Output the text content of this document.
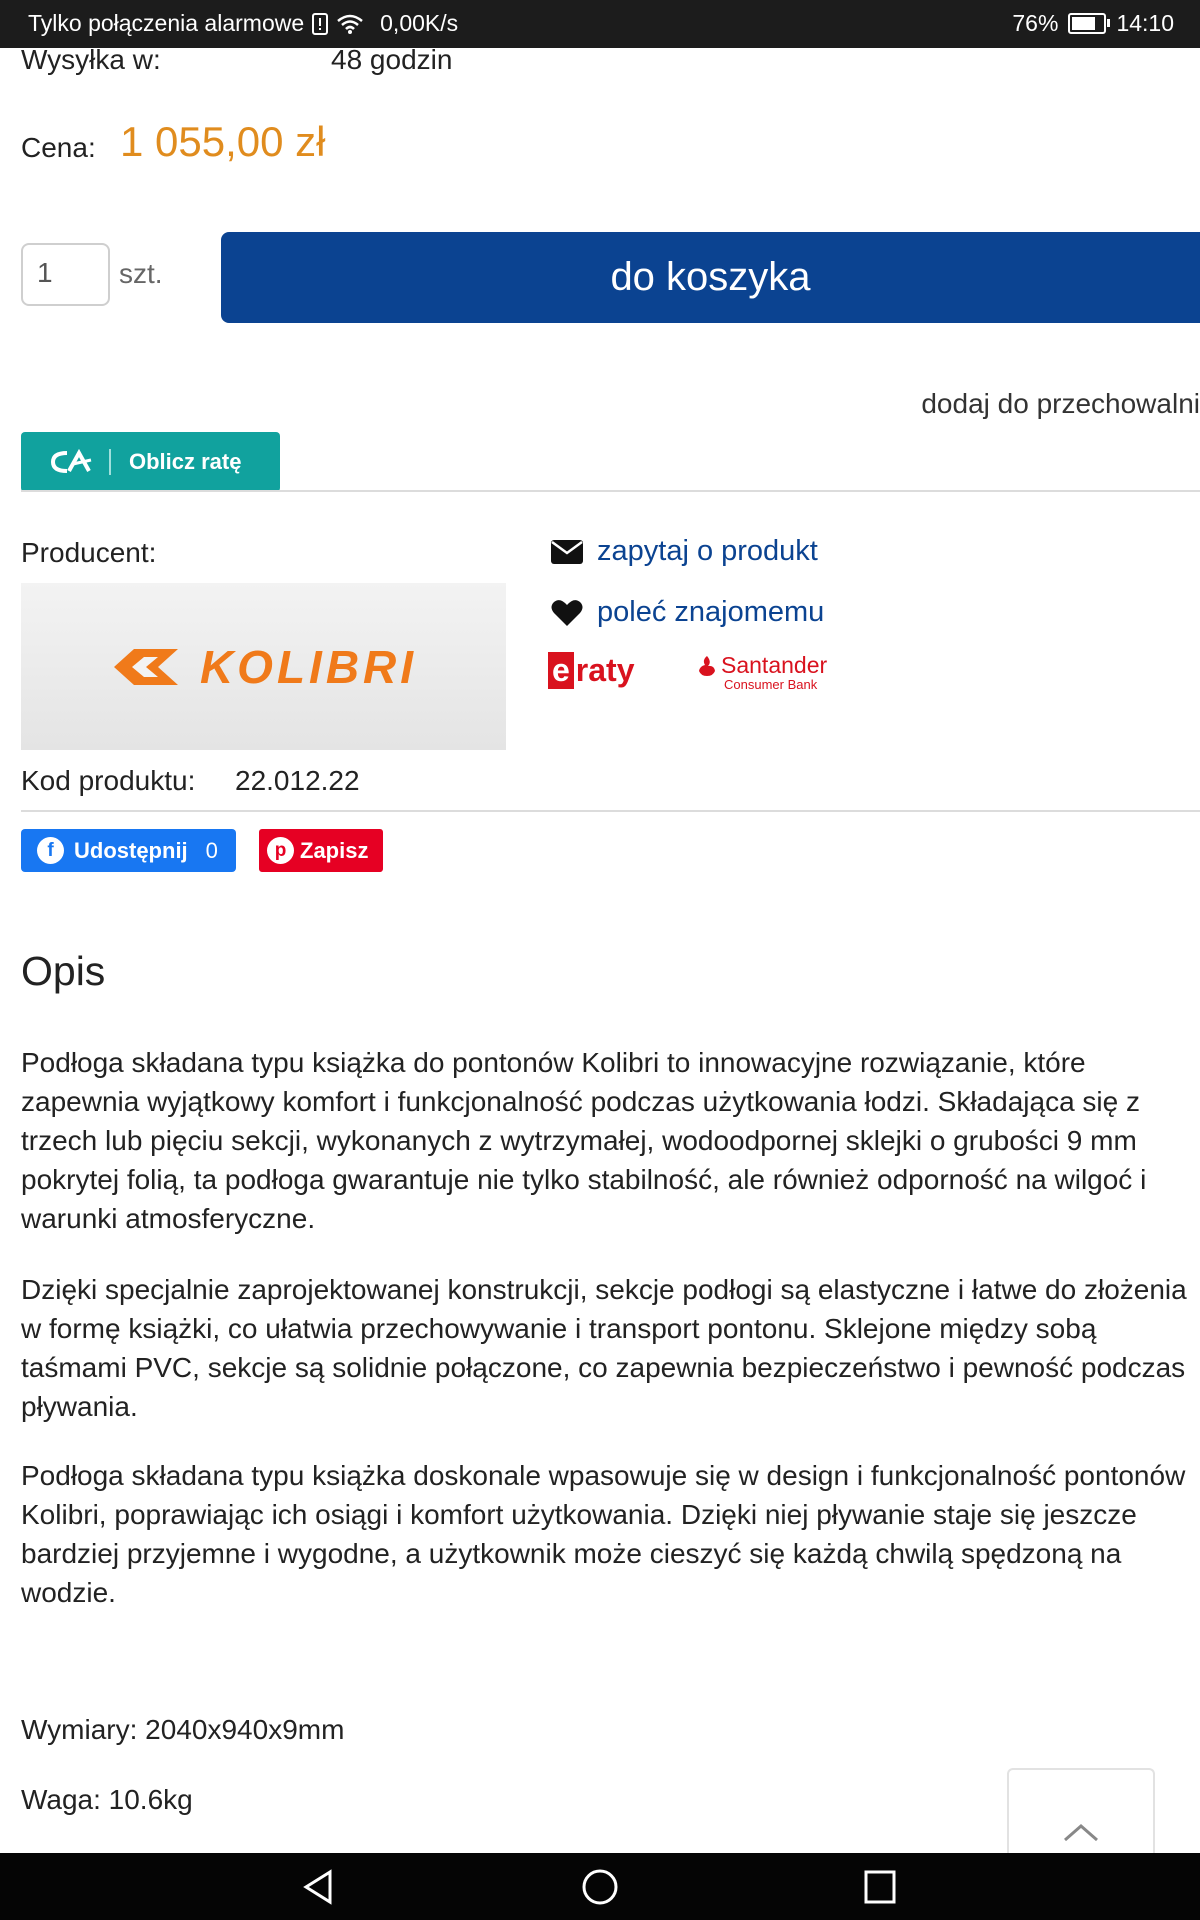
Tylko połączenia alarmowe	0,00K/s	76%	14:10
Wysyłka w:	48 godzin
Cena: 1 055,00 zł
1	szt.	do koszyka
dodaj do przechowalni
Oblicz ratę
Producent:
KOLIBRI
zapytaj o produkt
poleć znajomemu
e raty	Santander
Consumer Bank
Kod produktu: 22.012.22
f Udostępnij 0	p Zapisz
Opis
Podłoga składana typu książka do pontonów Kolibri to innowacyjne rozwiązanie, które zapewnia wyjątkowy komfort i funkcjonalność podczas użytkowania łodzi. Składająca się z trzech lub pięciu sekcji, wykonanych z wytrzymałej, wodoodpornej sklejki o grubości 9 mm pokrytej folią, ta podłoga gwarantuje nie tylko stabilność, ale również odporność na wilgoć i warunki atmosferyczne.
Dzięki specjalnie zaprojektowanej konstrukcji, sekcje podłogi są elastyczne i łatwe do złożenia w formę książki, co ułatwia przechowywanie i transport pontonu. Sklejone między sobą taśmami PVC, sekcje są solidnie połączone, co zapewnia bezpieczeństwo i pewność podczas pływania.
Podłoga składana typu książka doskonale wpasowuje się w design i funkcjonalność pontonów Kolibri, poprawiając ich osiągi i komfort użytkowania. Dzięki niej pływanie staje się jeszcze bardziej przyjemne i wygodne, a użytkownik może cieszyć się każdą chwilą spędzoną na wodzie.
Wymiary: 2040x940x9mm
Waga: 10.6kg
